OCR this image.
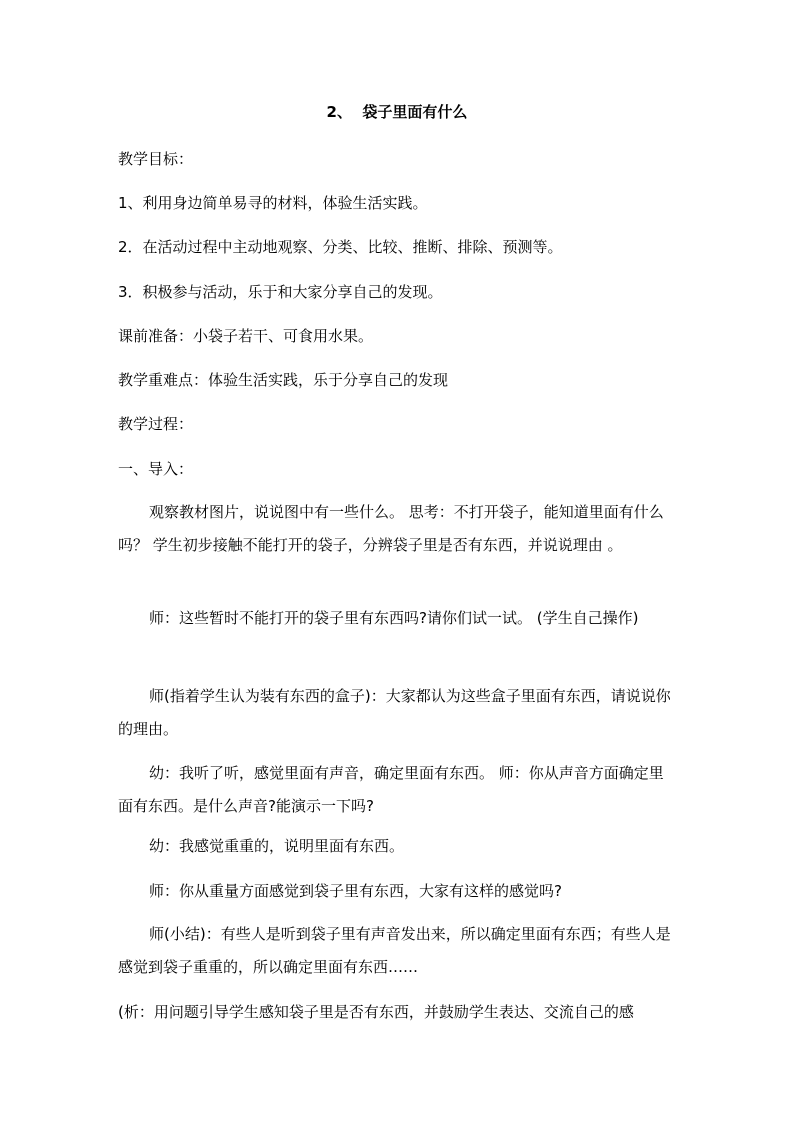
2、  袋子里面有什么
教学目标：
1、利用身边简单易寻的材料，体验生活实践。
2．在活动过程中主动地观察、分类、比较、推断、排除、预测等。
3．积极参与活动，乐于和大家分享自己的发现。
课前准备：小袋子若干、可食用水果。
教学重难点：体验生活实践，乐于分享自己的发现
教学过程：
一、导入：
观察教材图片，说说图中有一些什么。 思考：不打开袋子，能知道里面有什么吗？ 学生初步接触不能打开的袋子，分辨袋子里是否有东西，并说说理由 。
师：这些暂时不能打开的袋子里有东西吗?请你们试一试。 (学生自己操作)
师(指着学生认为装有东西的盒子)：大家都认为这些盒子里面有东西，请说说你的理由。
幼：我听了听，感觉里面有声音，确定里面有东西。 师：你从声音方面确定里面有东西。是什么声音?能演示一下吗?
幼：我感觉重重的，说明里面有东西。
师：你从重量方面感觉到袋子里有东西，大家有这样的感觉吗?
师(小结)：有些人是听到袋子里有声音发出来，所以确定里面有东西；有些人是感觉到袋子重重的，所以确定里面有东西……
(析：用问题引导学生感知袋子里是否有东西，并鼓励学生表达、交流自己的感
